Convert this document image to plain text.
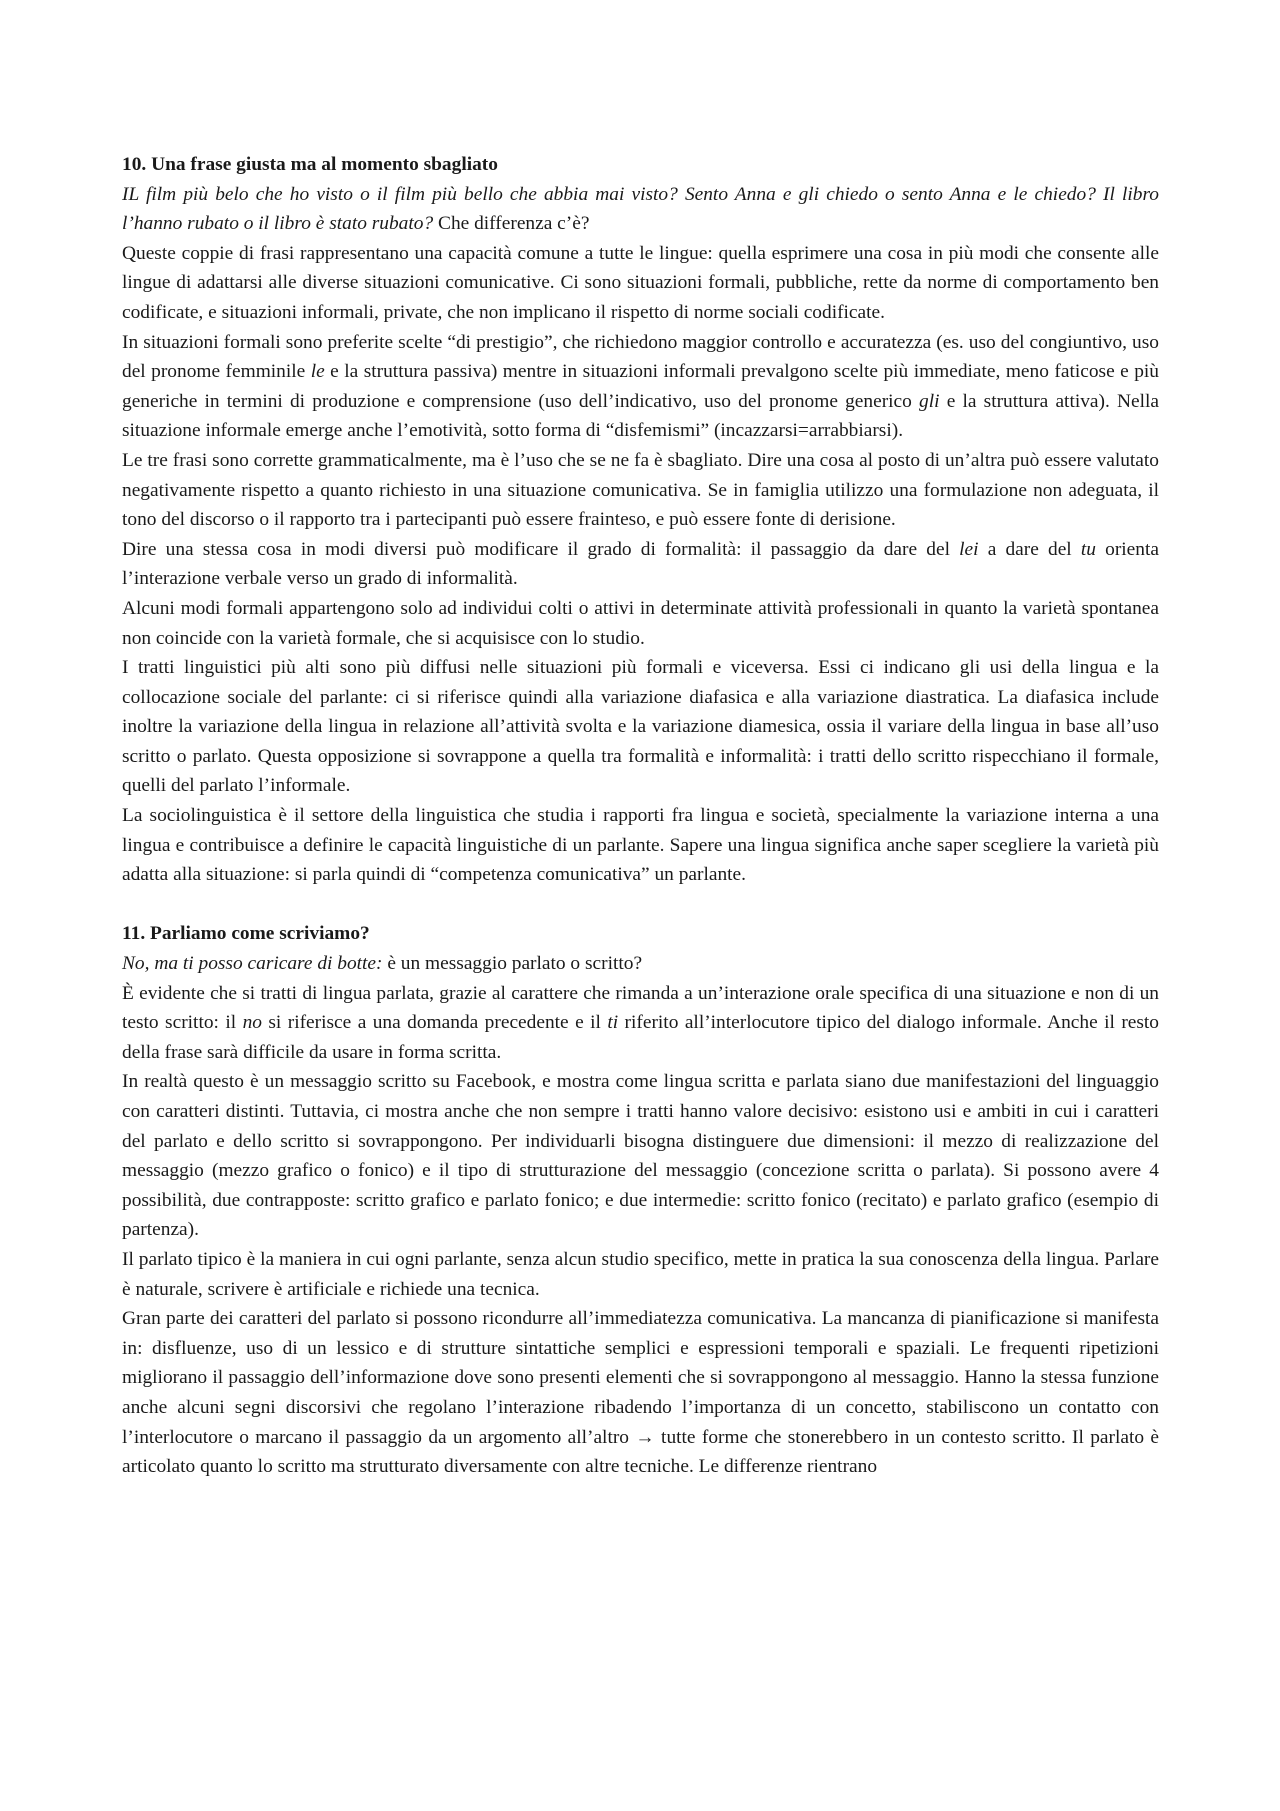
10. Una frase giusta ma al momento sbagliato

IL film più belo che ho visto o il film più bello che abbia mai visto? Sento Anna e gli chiedo o sento Anna e le chiedo? Il libro l’hanno rubato o il libro è stato rubato? Che differenza c’è?

Queste coppie di frasi rappresentano una capacità comune a tutte le lingue: quella esprimere una cosa in più modi che consente alle lingue di adattarsi alle diverse situazioni comunicative. Ci sono situazioni formali, pubbliche, rette da norme di comportamento ben codificate, e situazioni informali, private, che non implicano il rispetto di norme sociali codificate.

In situazioni formali sono preferite scelte “di prestigio”, che richiedono maggior controllo e accuratezza (es. uso del congiuntivo, uso del pronome femminile le e la struttura passiva) mentre in situazioni informali prevalgono scelte più immediate, meno faticose e più generiche in termini di produzione e comprensione (uso dell’indicativo, uso del pronome generico gli e la struttura attiva). Nella situazione informale emerge anche l’emotività, sotto forma di “disfemismi” (incazzarsi=arrabbiarsi).

Le tre frasi sono corrette grammaticalmente, ma è l’uso che se ne fa è sbagliato. Dire una cosa al posto di un’altra può essere valutato negativamente rispetto a quanto richiesto in una situazione comunicativa. Se in famiglia utilizzo una formulazione non adeguata, il tono del discorso o il rapporto tra i partecipanti può essere frainteso, e può essere fonte di derisione.

Dire una stessa cosa in modi diversi può modificare il grado di formalità: il passaggio da dare del lei a dare del tu orienta l’interazione verbale verso un grado di informalità.

Alcuni modi formali appartengono solo ad individui colti o attivi in determinate attività professionali in quanto la varietà spontanea non coincide con la varietà formale, che si acquisisce con lo studio.

I tratti linguistici più alti sono più diffusi nelle situazioni più formali e viceversa. Essi ci indicano gli usi della lingua e la collocazione sociale del parlante: ci si riferisce quindi alla variazione diafasica e alla variazione diastratica. La diafasica include inoltre la variazione della lingua in relazione all’attività svolta e la variazione diamesica, ossia il variare della lingua in base all’uso scritto o parlato. Questa opposizione si sovrappone a quella tra formalità e informalità: i tratti dello scritto rispecchiano il formale, quelli del parlato l’informale.

La sociolinguistica è il settore della linguistica che studia i rapporti fra lingua e società, specialmente la variazione interna a una lingua e contribuisce a definire le capacità linguistiche di un parlante. Sapere una lingua significa anche saper scegliere la varietà più adatta alla situazione: si parla quindi di “competenza comunicativa” un parlante.

11. Parliamo come scriviamo?

No, ma ti posso caricare di botte: è un messaggio parlato o scritto?

È evidente che si tratti di lingua parlata, grazie al carattere che rimanda a un’interazione orale specifica di una situazione e non di un testo scritto: il no si riferisce a una domanda precedente e il ti riferito all’interlocutore tipico del dialogo informale. Anche il resto della frase sarà difficile da usare in forma scritta.

In realtà questo è un messaggio scritto su Facebook, e mostra come lingua scritta e parlata siano due manifestazioni del linguaggio con caratteri distinti. Tuttavia, ci mostra anche che non sempre i tratti hanno valore decisivo: esistono usi e ambiti in cui i caratteri del parlato e dello scritto si sovrappongono. Per individuarli bisogna distinguere due dimensioni: il mezzo di realizzazione del messaggio (mezzo grafico o fonico) e il tipo di strutturazione del messaggio (concezione scritta o parlata). Si possono avere 4 possibilità, due contrapposte: scritto grafico e parlato fonico; e due intermedie: scritto fonico (recitato) e parlato grafico (esempio di partenza).

Il parlato tipico è la maniera in cui ogni parlante, senza alcun studio specifico, mette in pratica la sua conoscenza della lingua. Parlare è naturale, scrivere è artificiale e richiede una tecnica.

Gran parte dei caratteri del parlato si possono ricondurre all’immediatezza comunicativa. La mancanza di pianificazione si manifesta in: disfluenze, uso di un lessico e di strutture sintattiche semplici e espressioni temporali e spaziali. Le frequenti ripetizioni migliorano il passaggio dell’informazione dove sono presenti elementi che si sovrappongono al messaggio. Hanno la stessa funzione anche alcuni segni discorsivi che regolano l’interazione ribadendo l’importanza di un concetto, stabiliscono un contatto con l’interlocutore o marcano il passaggio da un argomento all’altro → tutte forme che stonerebbero in un contesto scritto. Il parlato è articolato quanto lo scritto ma strutturato diversamente con altre tecniche. Le differenze rientrano
